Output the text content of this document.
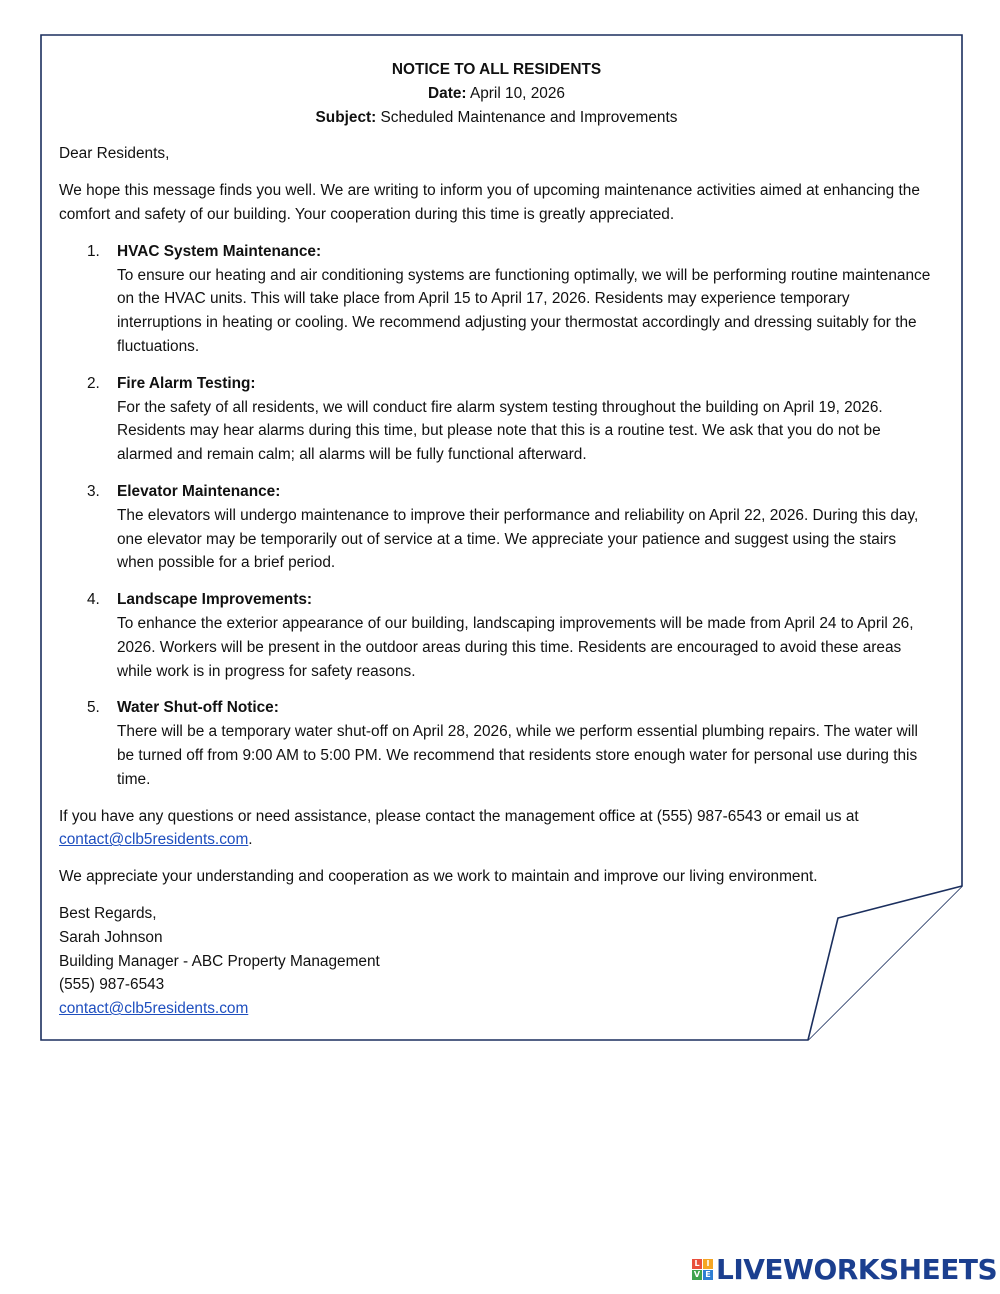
NOTICE TO ALL RESIDENTS

Date: April 10, 2026

Subject: Scheduled Maintenance and Improvements

Dear Residents,

We hope this message finds you well. We are writing to inform you of upcoming maintenance activities aimed at enhancing the comfort and safety of our building. Your cooperation during this time is greatly appreciated.

1. HVAC System Maintenance:
To ensure our heating and air conditioning systems are functioning optimally, we will be performing routine maintenance on the HVAC units. This will take place from April 15 to April 17, 2026. Residents may experience temporary interruptions in heating or cooling. We recommend adjusting your thermostat accordingly and dressing suitably for the fluctuations.
2. Fire Alarm Testing:
For the safety of all residents, we will conduct fire alarm system testing throughout the building on April 19, 2026. Residents may hear alarms during this time, but please note that this is a routine test. We ask that you do not be alarmed and remain calm; all alarms will be fully functional afterward.
3. Elevator Maintenance:
The elevators will undergo maintenance to improve their performance and reliability on April 22, 2026. During this day, one elevator may be temporarily out of service at a time. We appreciate your patience and suggest using the stairs when possible for a brief period.
4. Landscape Improvements:
To enhance the exterior appearance of our building, landscaping improvements will be made from April 24 to April 26, 2026. Workers will be present in the outdoor areas during this time. Residents are encouraged to avoid these areas while work is in progress for safety reasons.
5. Water Shut-off Notice:
There will be a temporary water shut-off on April 28, 2026, while we perform essential plumbing repairs. The water will be turned off from 9:00 AM to 5:00 PM. We recommend that residents store enough water for personal use during this time.

If you have any questions or need assistance, please contact the management office at (555) 987-6543 or email us at contact@clb5residents.com.

We appreciate your understanding and cooperation as we work to maintain and improve our living environment.

Best Regards,

Sarah Johnson

Building Manager - ABC Property Management

(555) 987-6543

contact@clb5residents.com

L I
V E LIVEWORKSHEETS
